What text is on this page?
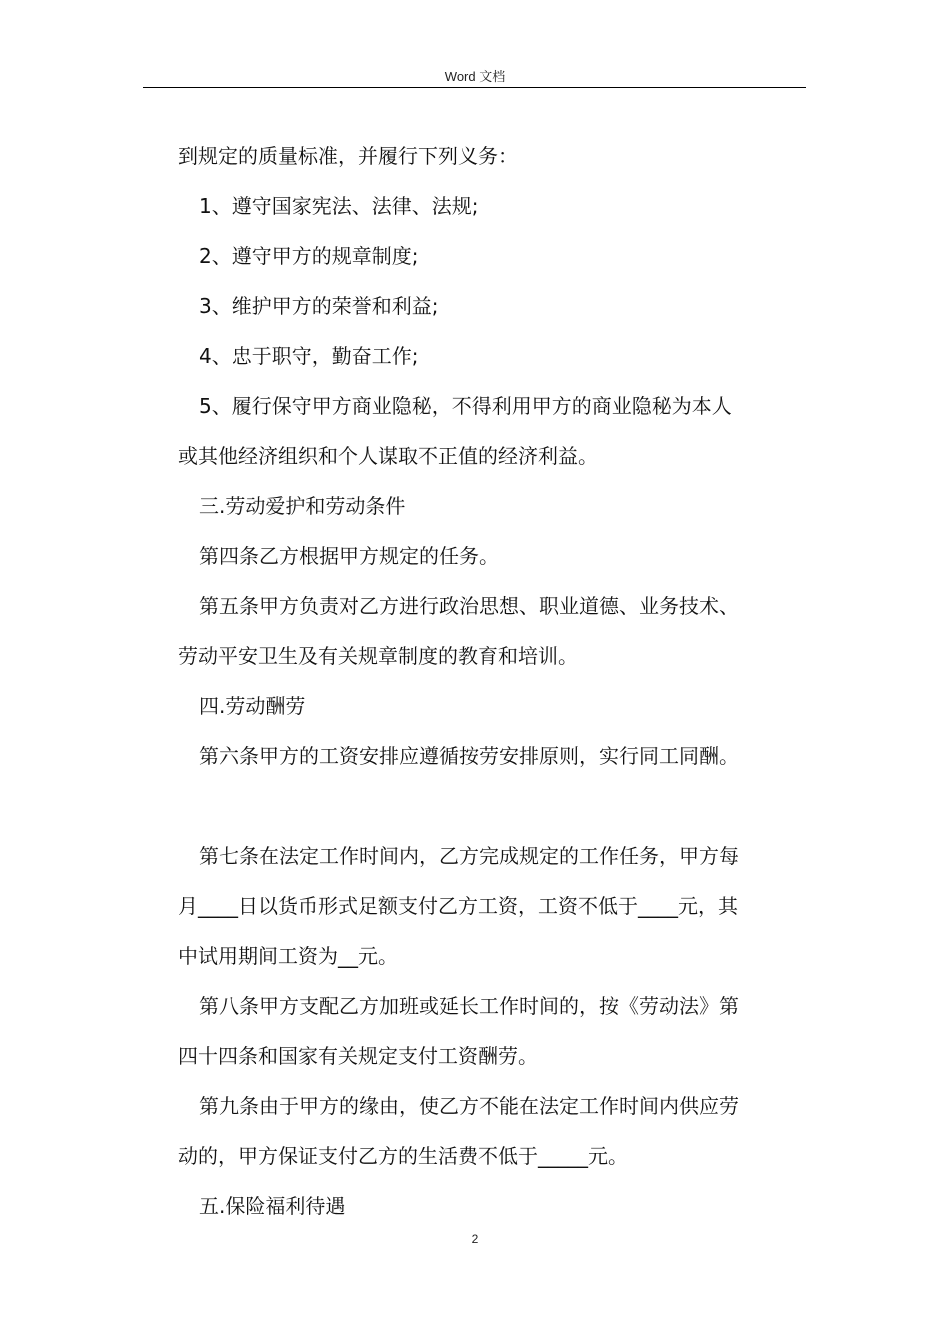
Word 文档
到规定的质量标准，并履行下列义务：
1、遵守国家宪法、法律、法规;
2、遵守甲方的规章制度;
3、维护甲方的荣誉和利益;
4、忠于职守，勤奋工作;
5、履行保守甲方商业隐秘，不得利用甲方的商业隐秘为本人
或其他经济组织和个人谋取不正值的经济利益。
三.劳动爱护和劳动条件
第四条乙方根据甲方规定的任务。
第五条甲方负责对乙方进行政治思想、职业道德、业务技术、
劳动平安卫生及有关规章制度的教育和培训。
四.劳动酬劳
第六条甲方的工资安排应遵循按劳安排原则，实行同工同酬。
第七条在法定工作时间内，乙方完成规定的工作任务，甲方每
月____日以货币形式足额支付乙方工资，工资不低于____元，其
中试用期间工资为__元。
第八条甲方支配乙方加班或延长工作时间的，按《劳动法》第
四十四条和国家有关规定支付工资酬劳。
第九条由于甲方的缘由，使乙方不能在法定工作时间内供应劳
动的，甲方保证支付乙方的生活费不低于_____元。
五.保险福利待遇
2
